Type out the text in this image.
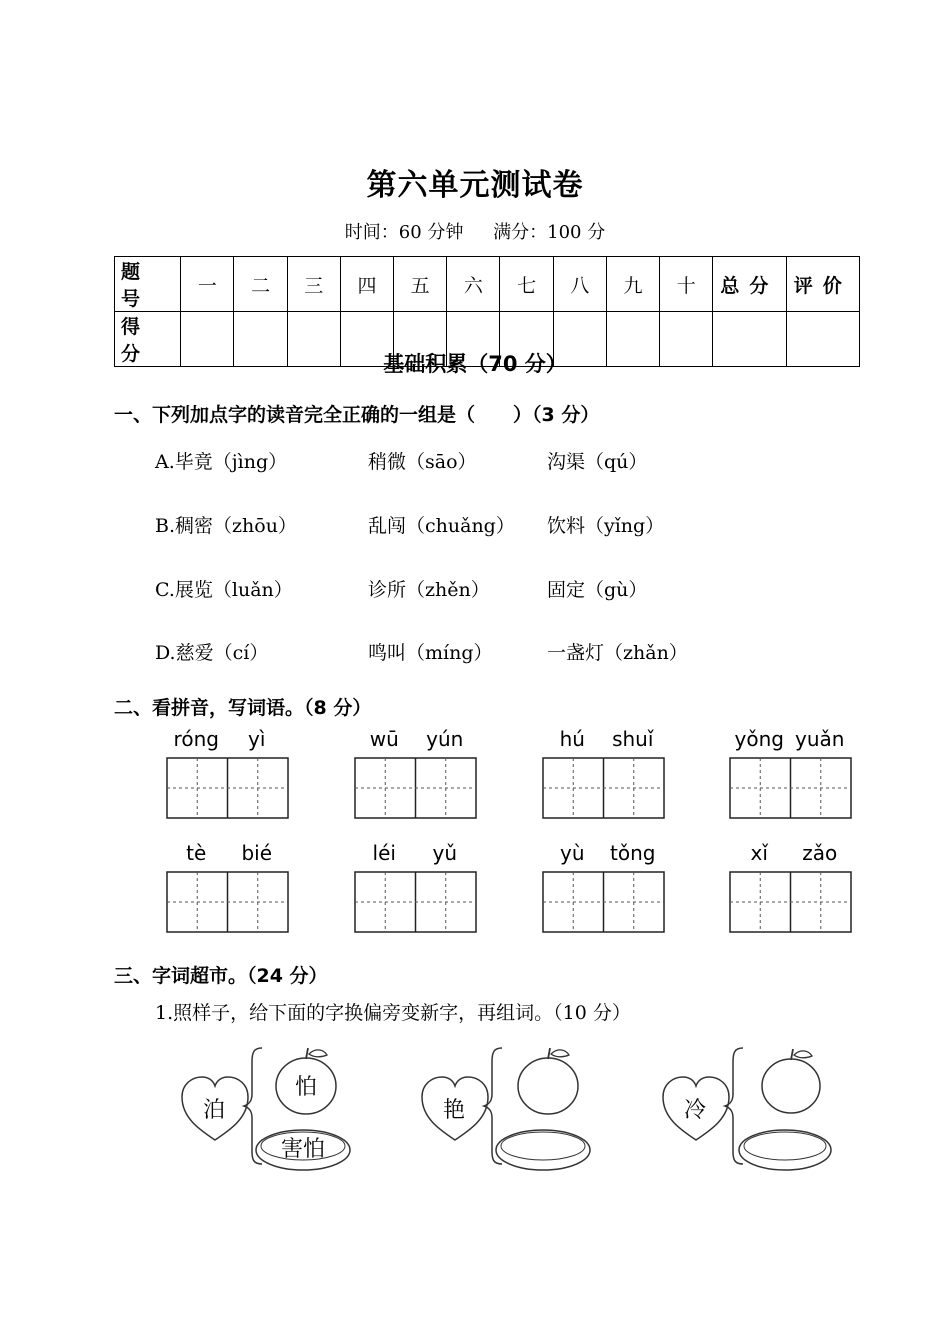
第六单元测试卷
时间：60 分钟 满分：100 分
题号	一	二	三	四	五	六	七	八	九	十	总分	评价
得分													基础积累（70 分）
一、下列加点字的读音完全正确的一组是（　　）（3 分）
A.毕竟（jìng）	稍微（sāo）	沟渠（qú）
B.稠密（zhōu）	乱闯（chuǎng） 饮料（yǐng）
C.展览（luǎn）	诊所（zhěn）	固定（gù）
D.慈爱（cí）	鸣叫（míng）	一盏灯（zhǎn）
二、看拼音，写词语。（8 分）
róng	yì	wū	yún	hú	shuǐ	yǒng yuǎn
tè	bié	léi	yǔ	yù	tǒng	xǐ	zǎo
三、字词超市。（24 分）
1.照样子，给下面的字换偏旁变新字，再组词。（10 分）
泊
怕
害怕
艳	冷
